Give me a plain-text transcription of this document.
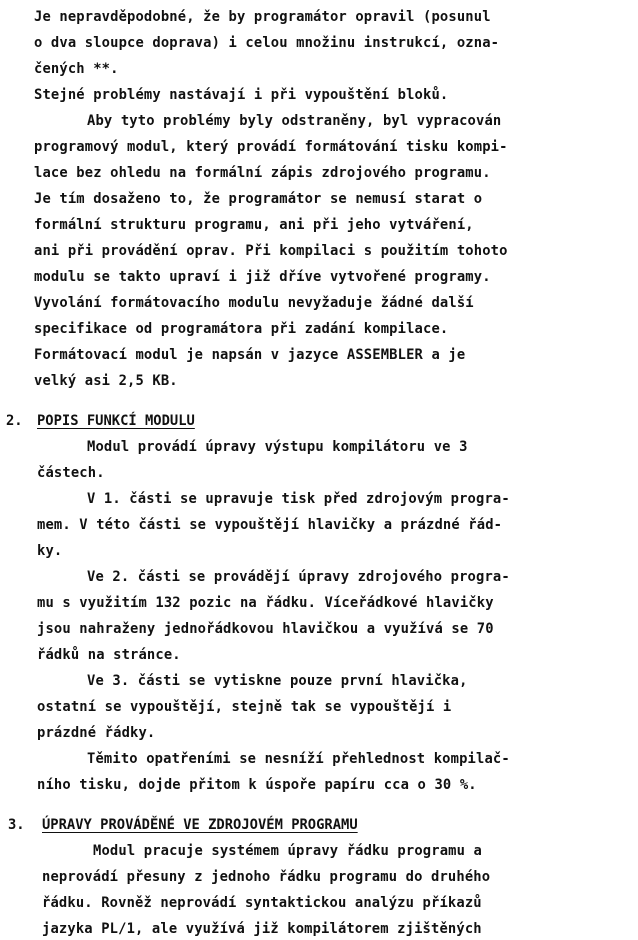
Je nepravděpodobné, že by programátor opravil (posunul
o dva sloupce doprava) i celou množinu instrukcí, ozna-
čených **.
Stejné problémy nastávají i při vypouštění bloků.
Aby tyto problémy byly odstraněny, byl vypracován
programový modul, který provádí formátování tisku kompi-
lace bez ohledu na formální zápis zdrojového programu.
Je tím dosaženo to, že programátor se nemusí starat o
formální strukturu programu, ani při jeho vytváření,
ani při provádění oprav. Při kompilaci s použitím tohoto
modulu se takto upraví i již dříve vytvořené programy.
Vyvolání formátovacího modulu nevyžaduje žádné další
specifikace od programátora při zadání kompilace.
Formátovací modul je napsán v jazyce ASSEMBLER a je
velký asi 2,5 KB.
2. POPIS FUNKCÍ MODULU
Modul provádí úpravy výstupu kompilátoru ve 3
částech.
V 1. části se upravuje tisk před zdrojovým progra-
mem. V této části se vypouštějí hlavičky a prázdné řád-
ky.
Ve 2. části se provádějí úpravy zdrojového progra-
mu s využitím 132 pozic na řádku. Víceřádkové hlavičky
jsou nahraženy jednořádkovou hlavičkou a využívá se 70
řádků na stránce.
Ve 3. části se vytiskne pouze první hlavička,
ostatní se vypouštějí, stejně tak se vypouštějí i
prázdné řádky.
Těmito opatřeními se nesníží přehlednost kompilač-
ního tisku, dojde přitom k úspoře papíru cca o 30 %.
3. ÚPRAVY PROVÁDĚNÉ VE ZDROJOVÉM PROGRAMU
Modul pracuje systémem úpravy řádku programu a
neprovádí přesuny z jednoho řádku programu do druhého
řádku. Rovněž neprovádí syntaktickou analýzu příkazů
jazyka PL/1, ale využívá již kompilátorem zjištěných
